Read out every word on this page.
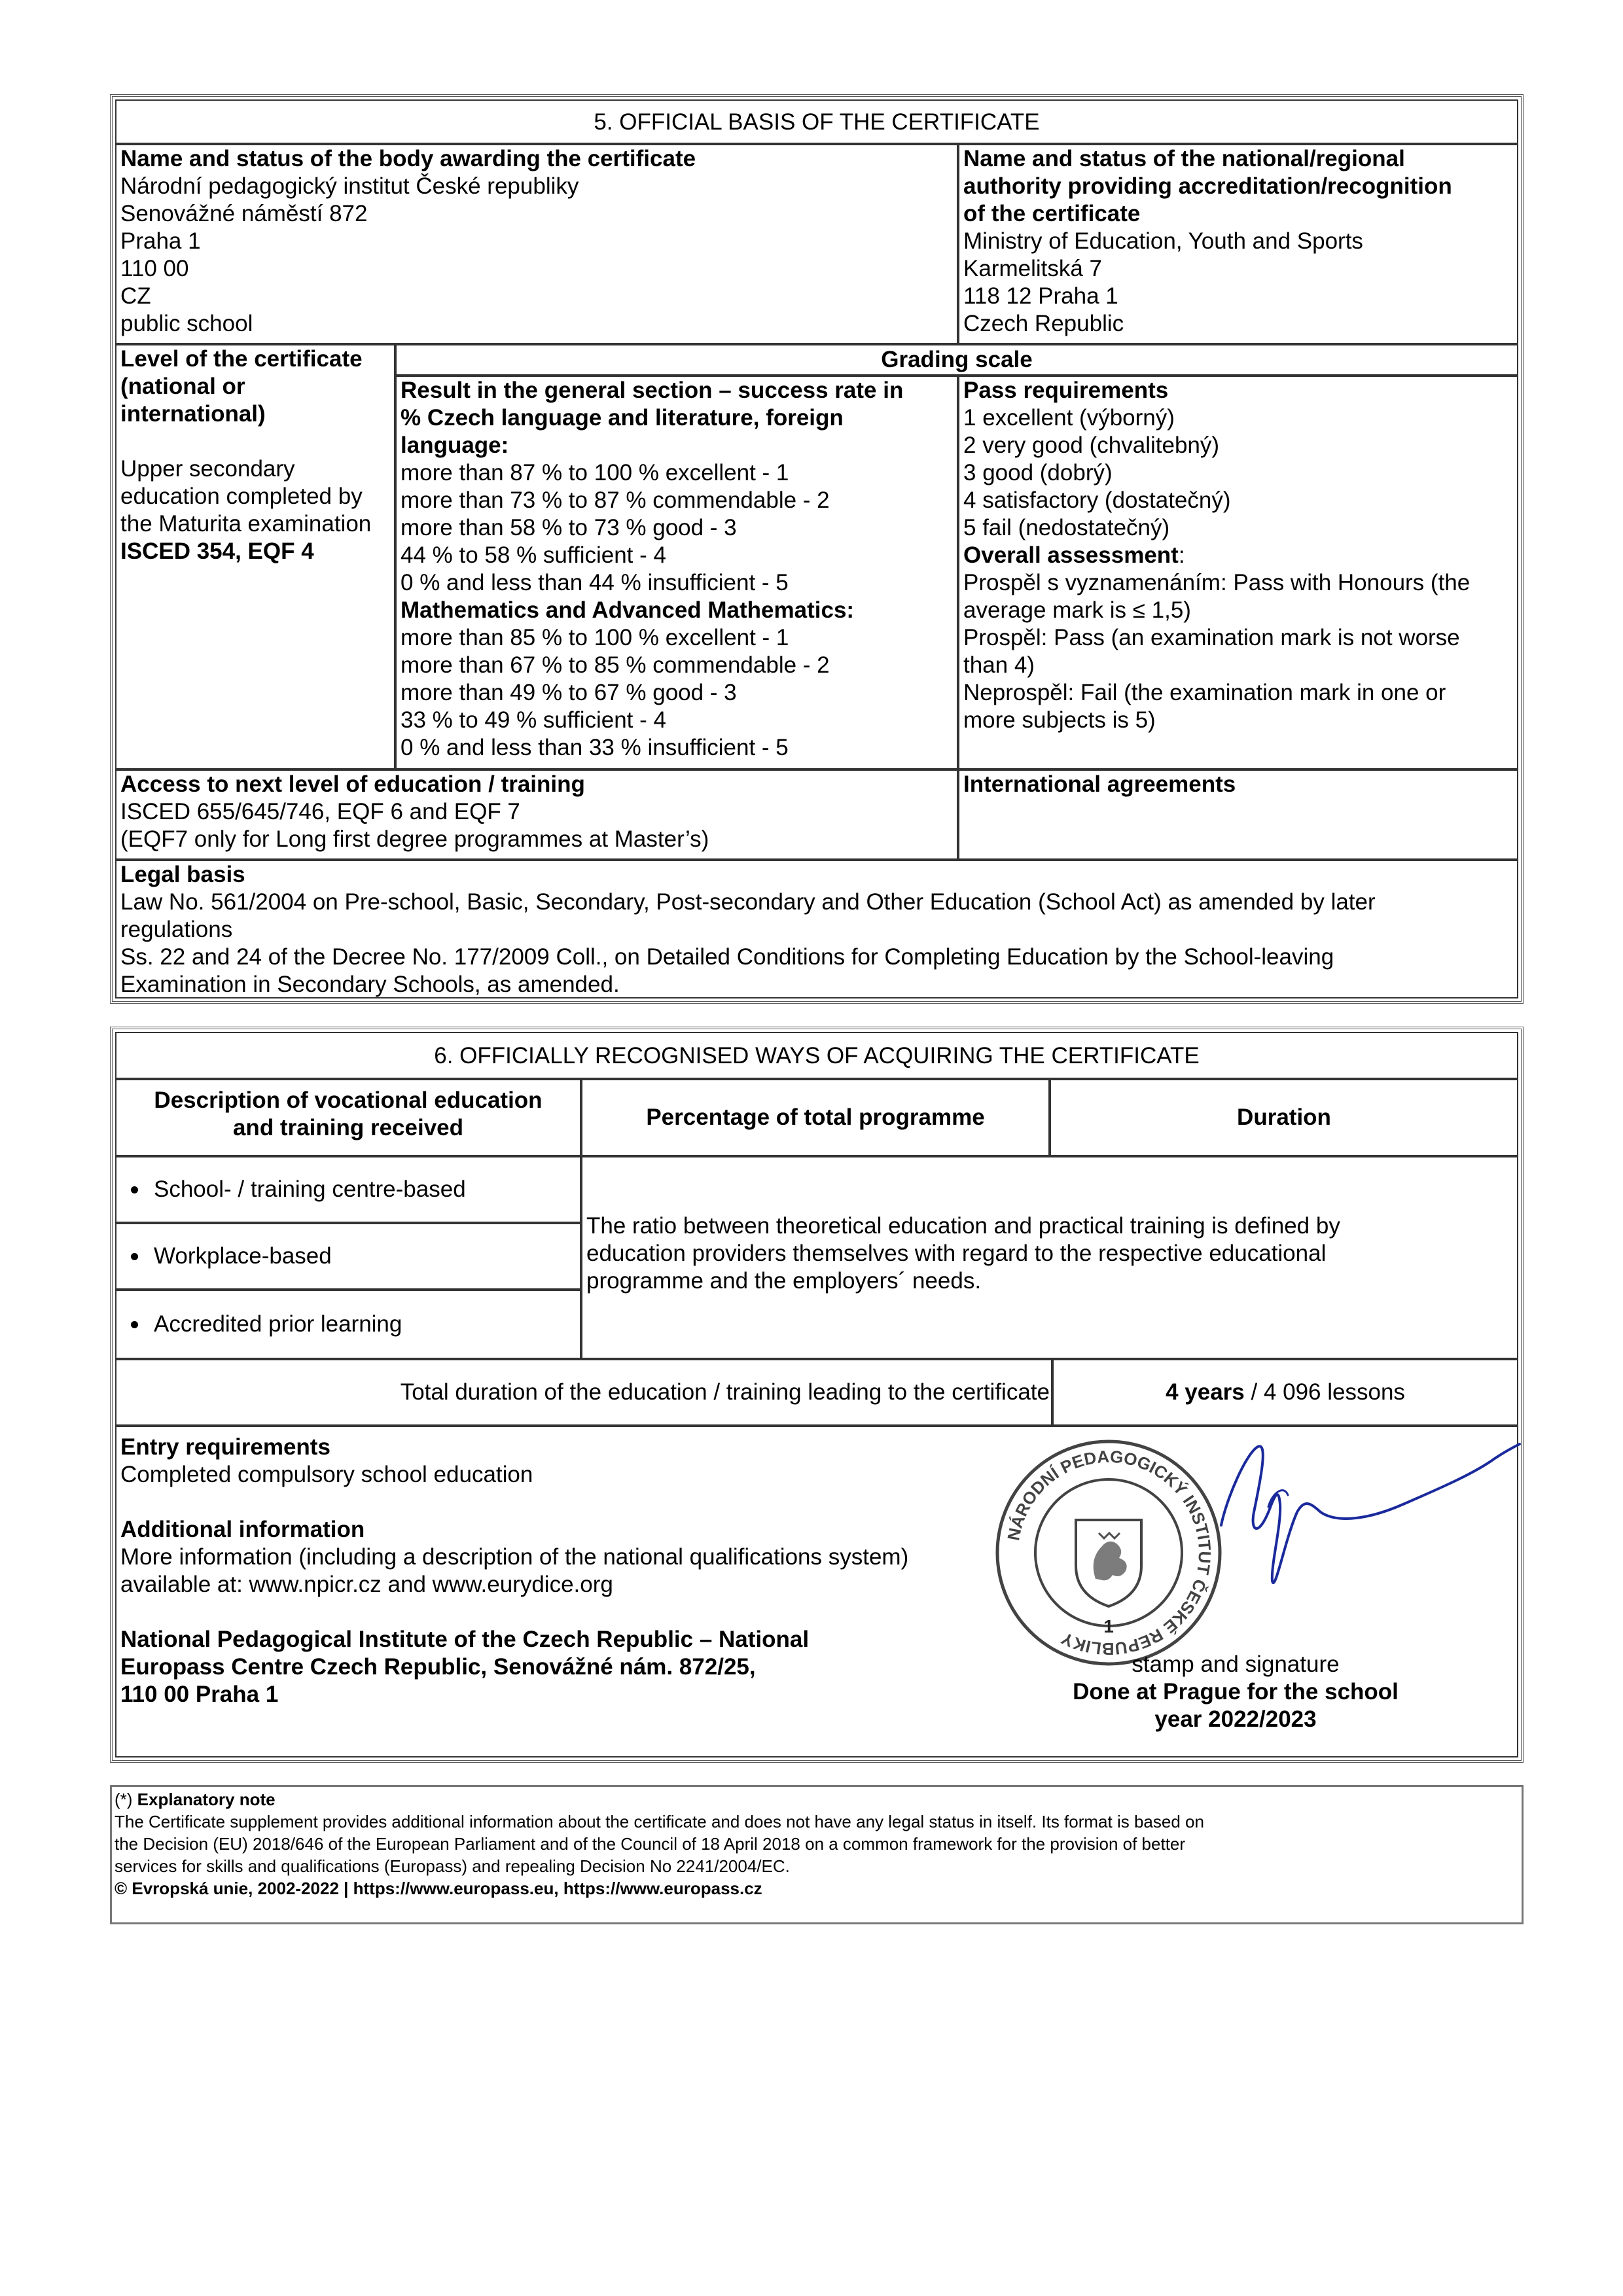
5. OFFICIAL BASIS OF THE CERTIFICATE
Name and status of the body awarding the certificate
Národní pedagogický institut České republiky
Senovážné náměstí 872
Praha 1
110 00
CZ
public school
Name and status of the national/regional
authority providing accreditation/recognition
of the certificate
Ministry of Education, Youth and Sports
Karmelitská 7
118 12 Praha 1
Czech Republic
Level of the certificate
(national or
international)

Upper secondary
education completed by
the Maturita examination
ISCED 354, EQF 4
Grading scale
Result in the general section – success rate in
% Czech language and literature, foreign
language:
more than 87 % to 100 % excellent - 1
more than 73 % to 87 % commendable - 2
more than 58 % to 73 % good - 3
44 % to 58 % sufficient - 4
0 % and less than 44 % insufficient - 5
Mathematics and Advanced Mathematics:
more than 85 % to 100 % excellent - 1
more than 67 % to 85 % commendable - 2
more than 49 % to 67 % good - 3
33 % to 49 % sufficient - 4
0 % and less than 33 % insufficient - 5
Pass requirements
1 excellent (výborný)
2 very good (chvalitebný)
3 good (dobrý)
4 satisfactory (dostatečný)
5 fail (nedostatečný)
Overall assessment:
Prospěl s vyznamenáním: Pass with Honours (the
average mark is ≤ 1,5)
Prospěl: Pass (an examination mark is not worse
than 4)
Neprospěl: Fail (the examination mark in one or
more subjects is 5)
Access to next level of education / training
ISCED 655/645/746, EQF 6 and EQF 7
(EQF7 only for Long first degree programmes at Master’s)
International agreements
Legal basis
Law No. 561/2004 on Pre-school, Basic, Secondary, Post-secondary and Other Education (School Act) as amended by later
regulations
Ss. 22 and 24 of the Decree No. 177/2009 Coll., on Detailed Conditions for Completing Education by the School-leaving
Examination in Secondary Schools, as amended.
6. OFFICIALLY RECOGNISED WAYS OF ACQUIRING THE CERTIFICATE
Description of vocational education
and training received	Percentage of total programme	Duration
School- / training centre-based
Workplace-based
Accredited prior learning
The ratio between theoretical education and practical training is defined by
education providers themselves with regard to the respective educational
programme and the employers´ needs.
Total duration of the education / training leading to the certificate	4 years / 4 096 lessons
Entry requirements
Completed compulsory school education

Additional information
More information (including a description of the national qualifications system)
available at: www.npicr.cz and www.eurydice.org

National Pedagogical Institute of the Czech Republic – National
Europass Centre Czech Republic, Senovážné nám. 872/25,
110 00 Praha 1
NÁRODNÍ PEDAGOGICKÝ INSTITUT ČESKÉ REPUBLIKY
1
stamp and signature
Done at Prague for the school
year 2022/2023
(*) Explanatory note
The Certificate supplement provides additional information about the certificate and does not have any legal status in itself. Its format is based on
the Decision (EU) 2018/646 of the European Parliament and of the Council of 18 April 2018 on a common framework for the provision of better
services for skills and qualifications (Europass) and repealing Decision No 2241/2004/EC.
© Evropská unie, 2002-2022 | https://www.europass.eu, https://www.europass.cz
